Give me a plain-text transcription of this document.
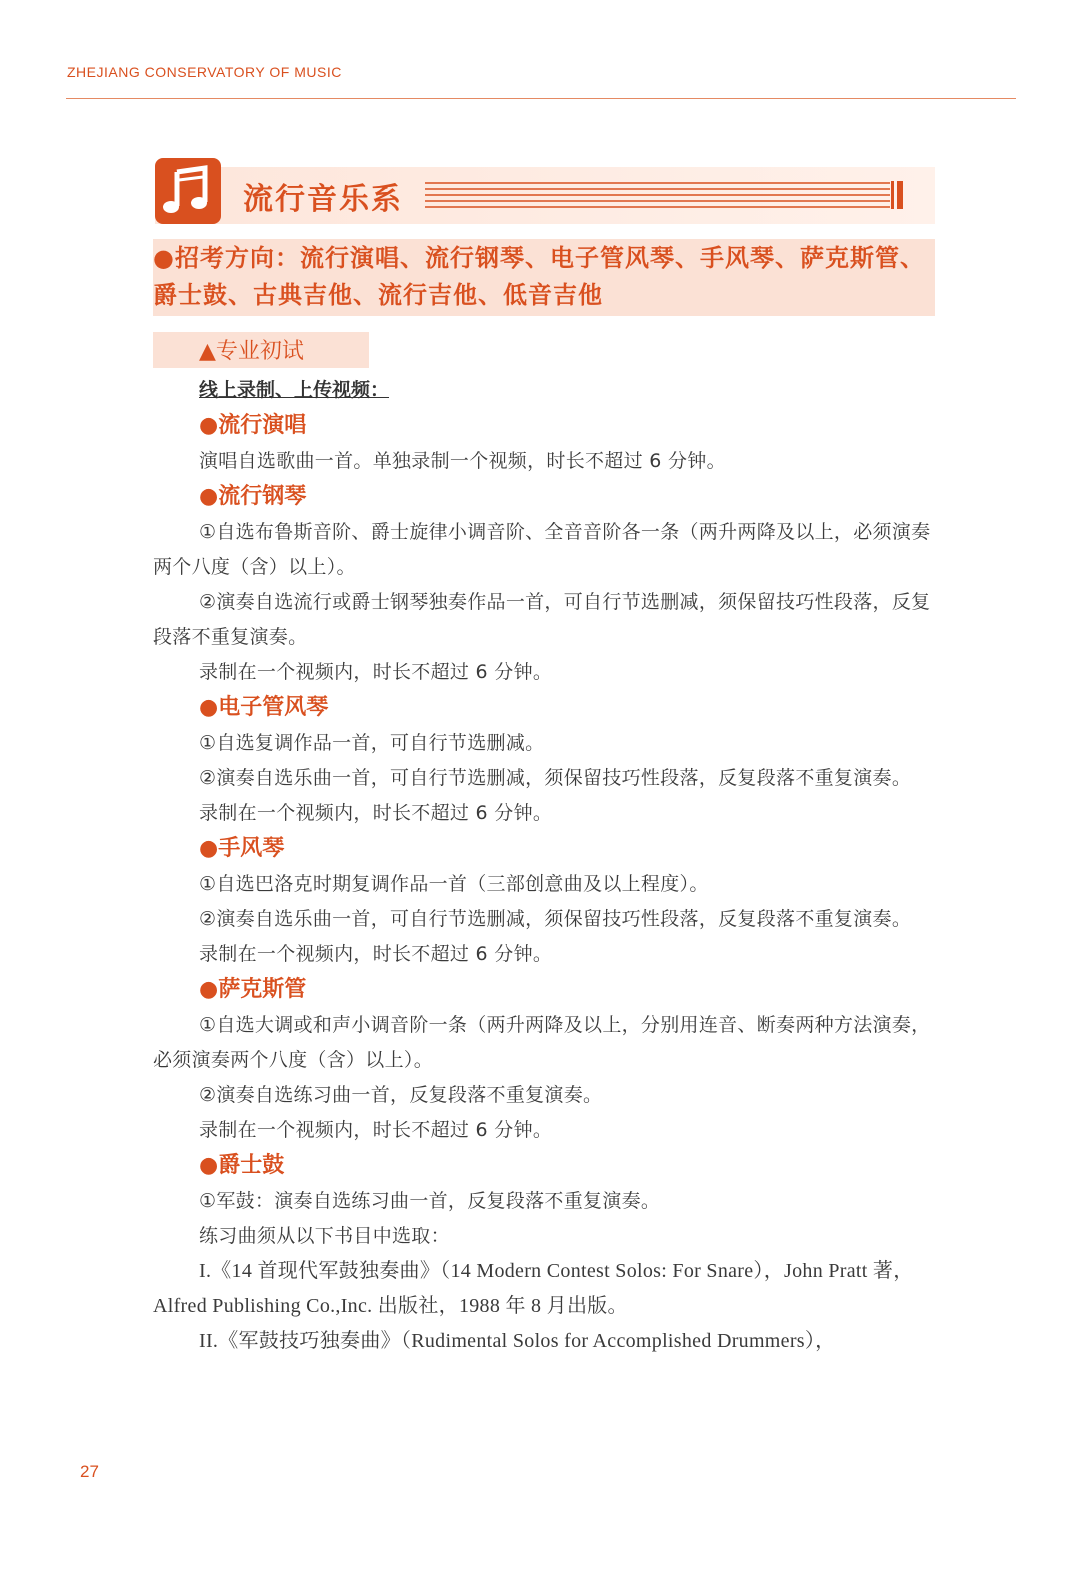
ZHEJIANG CONSERVATORY OF MUSIC
流行音乐系
●招考方向：流行演唱、流行钢琴、电子管风琴、手风琴、萨克斯管、爵士鼓、古典吉他、流行吉他、低音吉他
▲专业初试
线上录制、上传视频：
●流行演唱
演唱自选歌曲一首。单独录制一个视频，时长不超过 6 分钟。
●流行钢琴
①自选布鲁斯音阶、爵士旋律小调音阶、全音音阶各一条（两升两降及以上，必须演奏两个八度（含）以上）。
②演奏自选流行或爵士钢琴独奏作品一首，可自行节选删减，须保留技巧性段落，反复段落不重复演奏。
录制在一个视频内，时长不超过 6 分钟。
●电子管风琴
①自选复调作品一首，可自行节选删减。
②演奏自选乐曲一首，可自行节选删减，须保留技巧性段落，反复段落不重复演奏。
录制在一个视频内，时长不超过 6 分钟。
●手风琴
①自选巴洛克时期复调作品一首（三部创意曲及以上程度）。
②演奏自选乐曲一首，可自行节选删减，须保留技巧性段落，反复段落不重复演奏。
录制在一个视频内，时长不超过 6 分钟。
●萨克斯管
①自选大调或和声小调音阶一条（两升两降及以上，分别用连音、断奏两种方法演奏，必须演奏两个八度（含）以上）。
②演奏自选练习曲一首，反复段落不重复演奏。
录制在一个视频内，时长不超过 6 分钟。
●爵士鼓
①军鼓：演奏自选练习曲一首，反复段落不重复演奏。
练习曲须从以下书目中选取：
I.《14 首现代军鼓独奏曲》（14 Modern Contest Solos: For Snare），John Pratt 著，Alfred Publishing Co.,Inc. 出版社，1988 年 8 月出版。
II.《军鼓技巧独奏曲》（Rudimental Solos for Accomplished Drummers），
27
